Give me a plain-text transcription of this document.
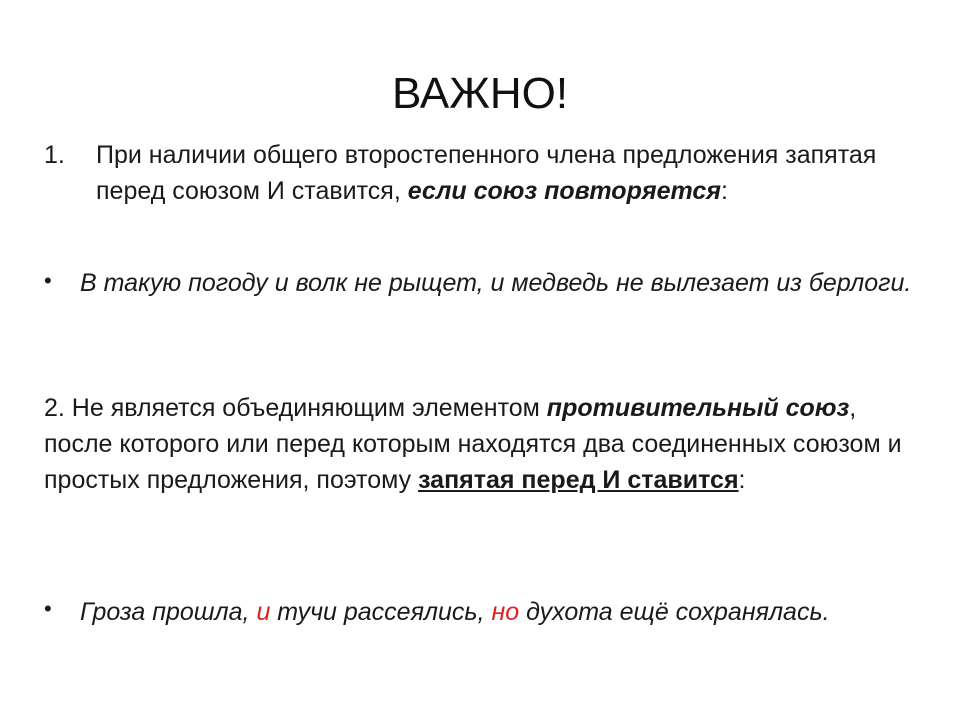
ВАЖНО!
1. При наличии общего второстепенного члена предложения запятая перед союзом И ставится, если союз повторяется:
• В такую погоду и волк не рыщет, и медведь не вылезает из берлоги.
2. Не является объединяющим элементом противительный союз, после которого или перед которым находятся два соединенных союзом и простых предложения, поэтому запятая перед И ставится:
• Гроза прошла, и тучи рассеялись, но духота ещё сохранялась.
